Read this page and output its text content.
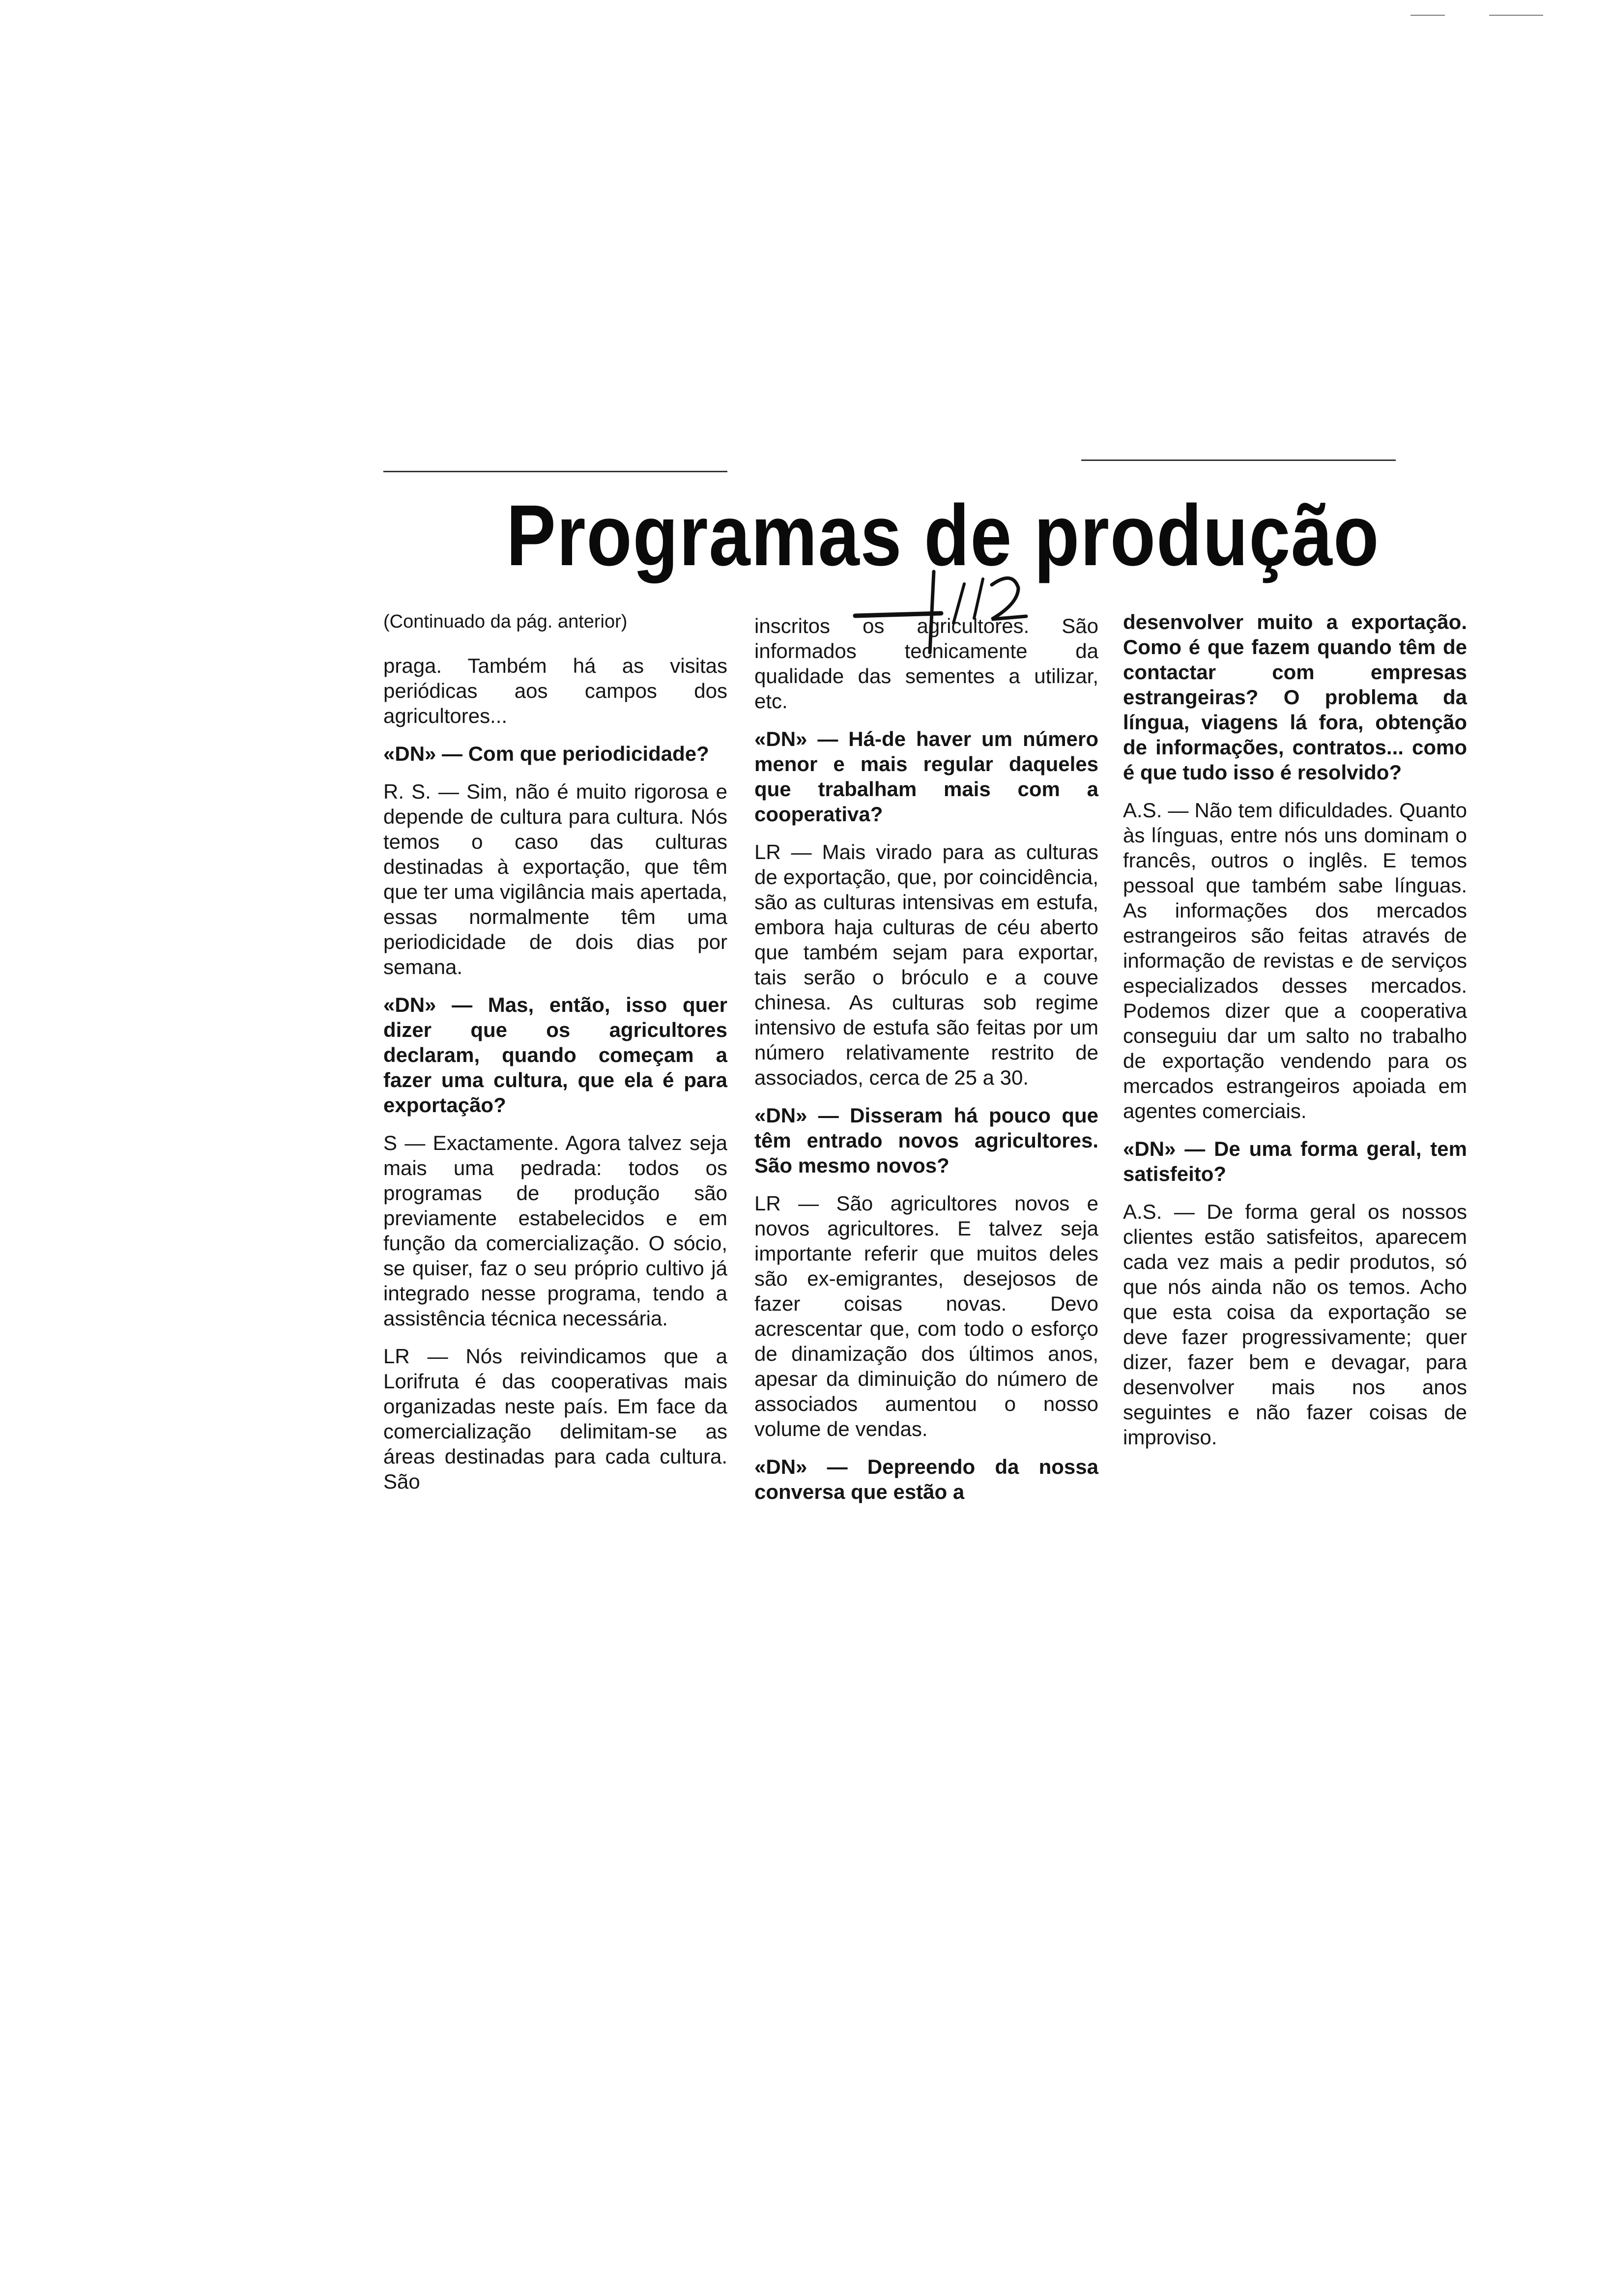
Programas de produção

(Continuado da pág. anterior)

praga. Também há as visitas periódicas aos campos dos agricultores...

«DN» — Com que periodicidade?

R. S. — Sim, não é muito rigorosa e depende de cultura para cultura. Nós temos o caso das culturas destinadas à exportação, que têm que ter uma vigilância mais apertada, essas normalmente têm uma periodicidade de dois dias por semana.

«DN» — Mas, então, isso quer dizer que os agricultores declaram, quando começam a fazer uma cultura, que ela é para exportação?

S — Exactamente. Agora talvez seja mais uma pedrada: todos os programas de produção são previamente estabelecidos e em função da comercialização. O sócio, se quiser, faz o seu próprio cultivo já integrado nesse programa, tendo a assistência técnica necessária.

LR — Nós reivindicamos que a Lorifruta é das cooperativas mais organizadas neste país. Em face da comercialização delimitam-se as áreas destinadas para cada cultura. São

inscritos os agricultores. São informados tecnicamente da qualidade das sementes a utilizar, etc.

«DN» — Há-de haver um número menor e mais regular daqueles que trabalham mais com a cooperativa?

LR — Mais virado para as culturas de exportação, que, por coincidência, são as culturas intensivas em estufa, embora haja culturas de céu aberto que também sejam para exportar, tais serão o bróculo e a couve chinesa. As culturas sob regime intensivo de estufa são feitas por um número relativamente restrito de associados, cerca de 25 a 30.

«DN» — Disseram há pouco que têm entrado novos agricultores. São mesmo novos?

LR — São agricultores novos e novos agricultores. E talvez seja importante referir que muitos deles são ex-emigrantes, desejosos de fazer coisas novas. Devo acrescentar que, com todo o esforço de dinamização dos últimos anos, apesar da diminuição do número de associados aumentou o nosso volume de vendas.

«DN» — Depreendo da nossa conversa que estão a

desenvolver muito a exportação. Como é que fazem quando têm de contactar com empresas estrangeiras? O problema da língua, viagens lá fora, obtenção de informações, contratos... como é que tudo isso é resolvido?

A.S. — Não tem dificuldades. Quanto às línguas, entre nós uns dominam o francês, outros o inglês. E temos pessoal que também sabe línguas. As informações dos mercados estrangeiros são feitas através de informação de revistas e de serviços especializados desses mercados. Podemos dizer que a cooperativa conseguiu dar um salto no trabalho de exportação vendendo para os mercados estrangeiros apoiada em agentes comerciais.

«DN» — De uma forma geral, tem satisfeito?

A.S. — De forma geral os nossos clientes estão satisfeitos, aparecem cada vez mais a pedir produtos, só que nós ainda não os temos. Acho que esta coisa da exportação se deve fazer progressivamente; quer dizer, fazer bem e devagar, para desenvolver mais nos anos seguintes e não fazer coisas de improviso.
